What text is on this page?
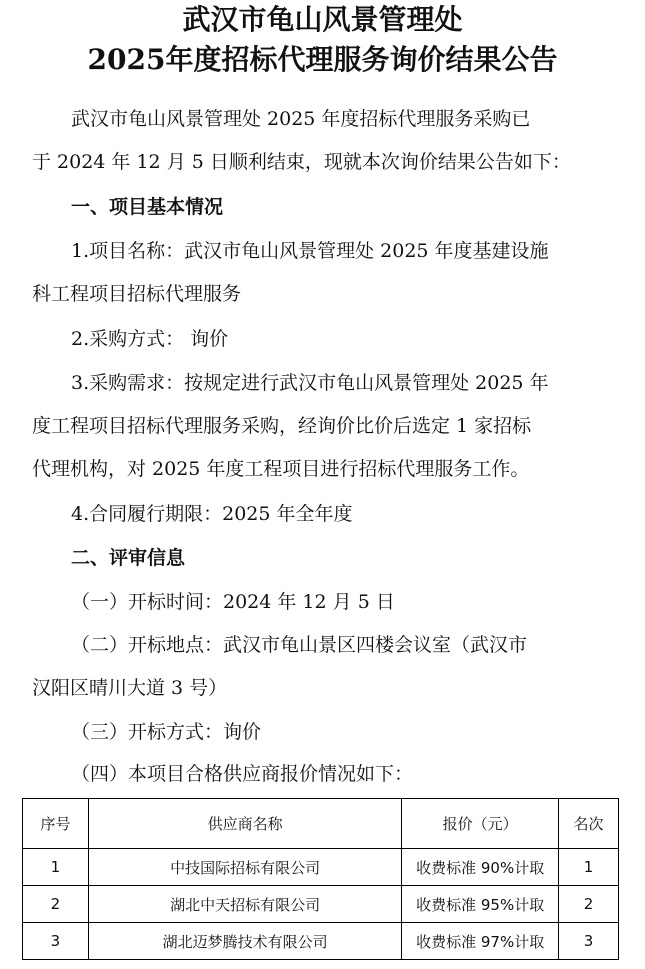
武汉市龟山风景管理处
2025年度招标代理服务询价结果公告
武汉市龟山风景管理处 2025 年度招标代理服务采购已
于 2024 年 12 月 5 日顺利结束，现就本次询价结果公告如下：
一、项目基本情况
1.项目名称：武汉市龟山风景管理处 2025 年度基建设施
科工程项目招标代理服务
2.采购方式： 询价
3.采购需求：按规定进行武汉市龟山风景管理处 2025 年
度工程项目招标代理服务采购，经询价比价后选定 1 家招标
代理机构，对 2025 年度工程项目进行招标代理服务工作。
4.合同履行期限：2025 年全年度
二、评审信息
（一）开标时间：2024 年 12 月 5 日
（二）开标地点：武汉市龟山景区四楼会议室（武汉市
汉阳区晴川大道 3 号）
（三）开标方式：询价
（四）本项目合格供应商报价情况如下：
序号	供应商名称	报价（元）	名次
1	中技国际招标有限公司	收费标准 90%计取	1
2	湖北中天招标有限公司	收费标准 95%计取	2
3	湖北迈梦腾技术有限公司	收费标准 97%计取	3
